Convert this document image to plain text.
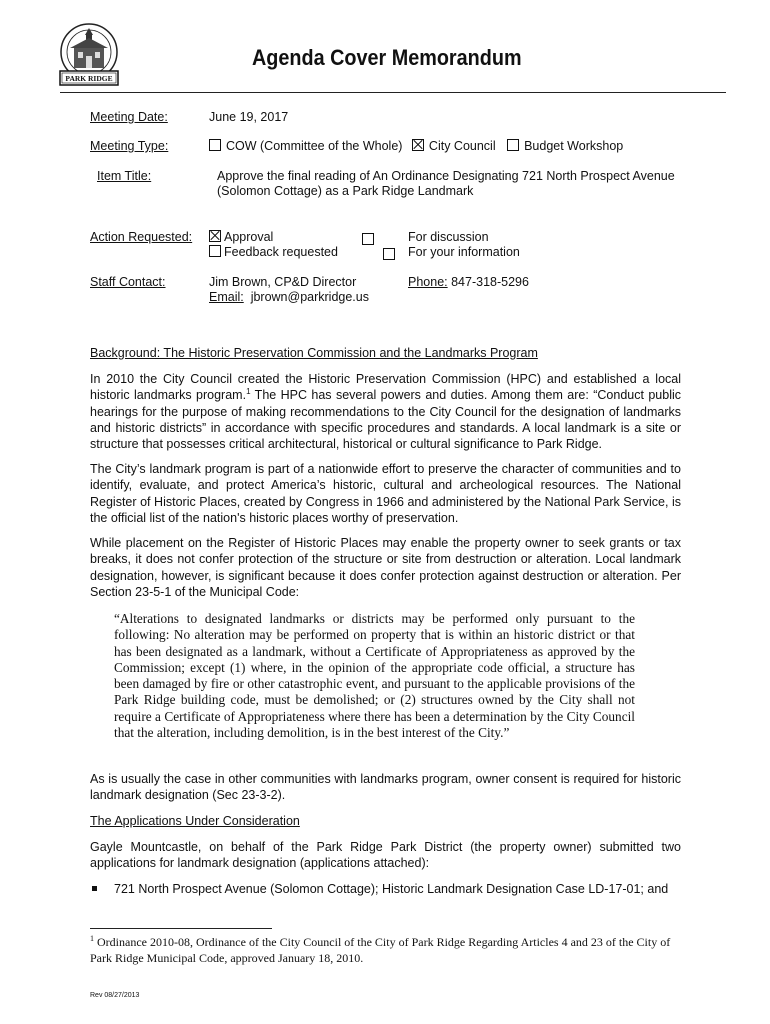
PARK RIDGE
Agenda Cover Memorandum
Meeting Date:	June 19, 2017
Meeting Type:	COW (Committee of the Whole) City Council Budget Workshop
Item Title:	Approve the final reading of An Ordinance Designating 721 North Prospect Avenue
(Solomon Cottage) as a Park Ridge Landmark
Action Requested:	Approval
Feedback requested

For discussion
For your information
Staff Contact:	Jim Brown, CP&D Director
Email: jbrown@parkridge.us
Phone: 847-318-5296
Background: The Historic Preservation Commission and the Landmarks Program

In 2010 the City Council created the Historic Preservation Commission (HPC) and established a local historic landmarks program.$^1$ The HPC has several powers and duties. Among them are: “Conduct public hearings for the purpose of making recommendations to the City Council for the designation of landmarks and historic districts” in accordance with specific procedures and standards. A local landmark is a site or structure that possesses critical architectural, historical or cultural significance to Park Ridge.

The City’s landmark program is part of a nationwide effort to preserve the character of communities and to identify, evaluate, and protect America’s historic, cultural and archeological resources. The National Register of Historic Places, created by Congress in 1966 and administered by the National Park Service, is the official list of the nation's historic places worthy of preservation.

While placement on the Register of Historic Places may enable the property owner to seek grants or tax breaks, it does not confer protection of the structure or site from destruction or alteration. Local landmark designation, however, is significant because it does confer protection against destruction or alteration. Per Section 23-5-1 of the Municipal Code:

“Alterations to designated landmarks or districts may be performed only pursuant to the following: No alteration may be performed on property that is within an historic district or that has been designated as a landmark, without a Certificate of Appropriateness as approved by the Commission; except (1) where, in the opinion of the appropriate code official, a structure has been damaged by fire or other catastrophic event, and pursuant to the applicable provisions of the Park Ridge building code, must be demolished; or (2) structures owned by the City shall not require a Certificate of Appropriateness where there has been a determination by the City Council that the alteration, including demolition, is in the best interest of the City.”

As is usually the case in other communities with landmarks program, owner consent is required for historic landmark designation (Sec 23-3-2).

The Applications Under Consideration

Gayle Mountcastle, on behalf of the Park Ridge Park District (the property owner) submitted two applications for landmark designation (applications attached):

721 North Prospect Avenue (Solomon Cottage); Historic Landmark Designation Case LD-17-01; and

$^1$ Ordinance 2010-08, Ordinance of the City Council of the City of Park Ridge Regarding Articles 4 and 23 of the City of Park Ridge Municipal Code, approved January 18, 2010.

Rev 08/27/2013
